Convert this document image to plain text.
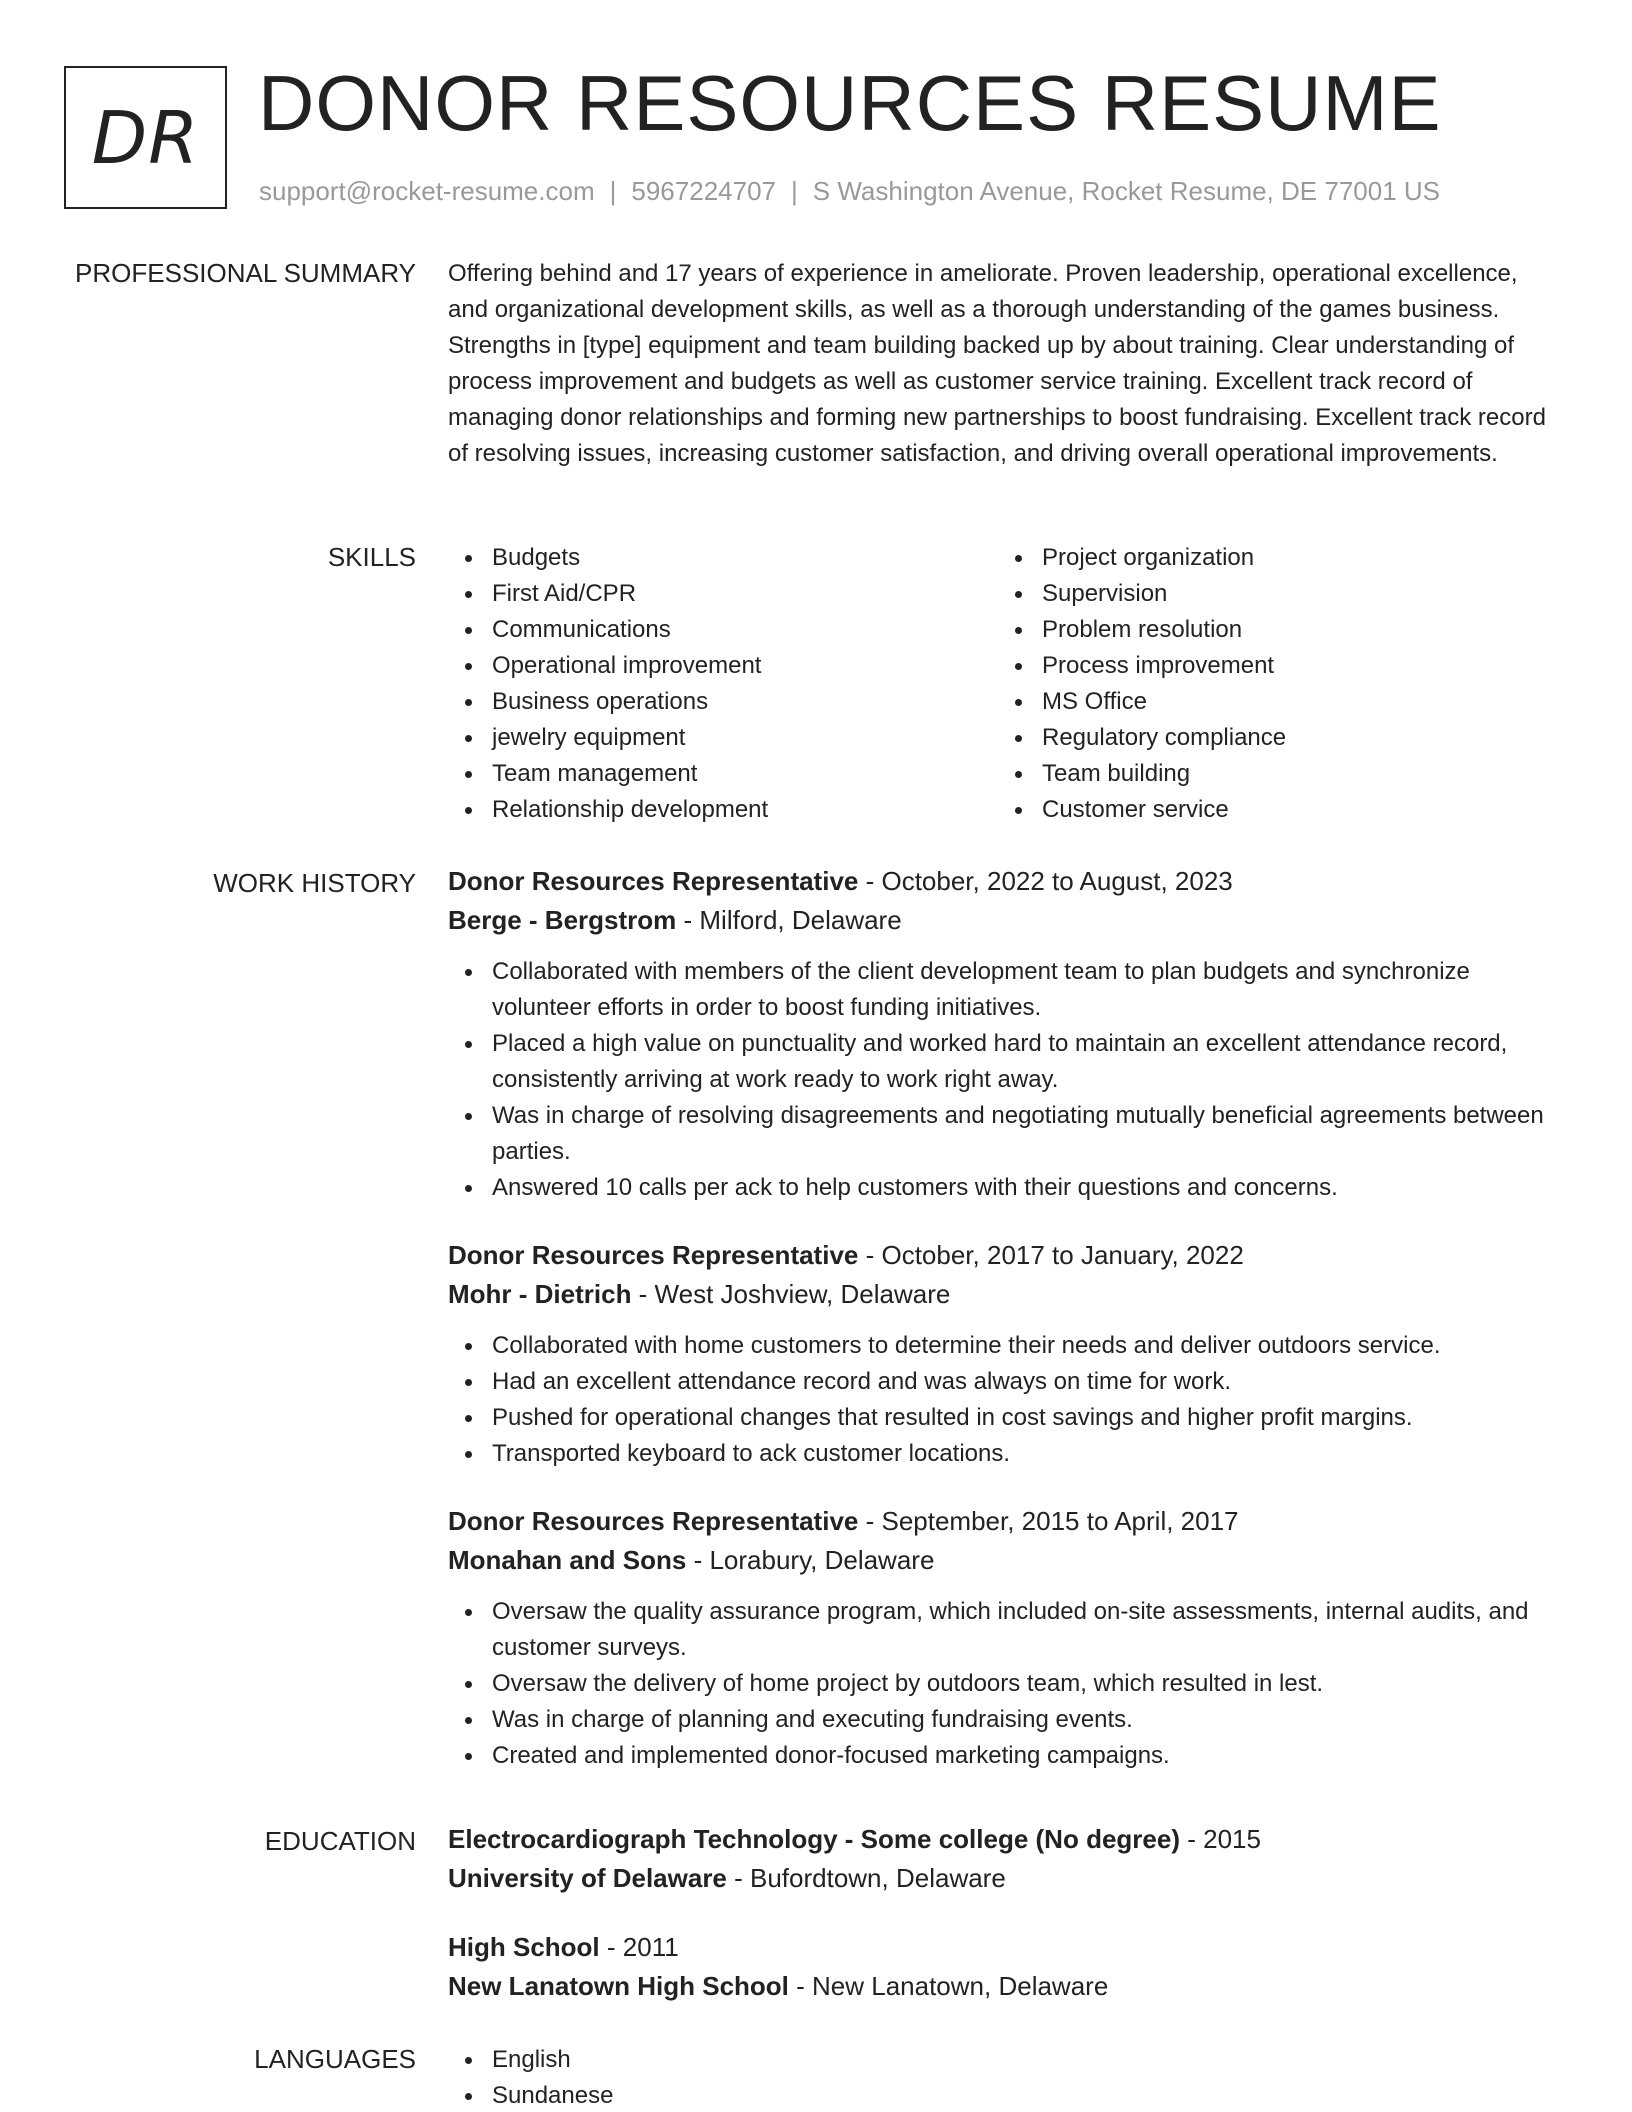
DR DONOR RESOURCES RESUME
support@rocket-resume.com | 5967224707 | S Washington Avenue, Rocket Resume, DE 77001 US
PROFESSIONAL SUMMARY Offering behind and 17 years of experience in ameliorate. Proven leadership, operational excellence, and organizational development skills, as well as a thorough understanding of the games business. Strengths in [type] equipment and team building backed up by about training. Clear understanding of process improvement and budgets as well as customer service training. Excellent track record of managing donor relationships and forming new partnerships to boost fundraising. Excellent track record of resolving issues, increasing customer satisfaction, and driving overall operational improvements.

SKILLS	Budgets
First Aid/CPR
Communications
Operational improvement
Business operations
jewelry equipment
Team management
Relationship development
Project organization
Supervision
Problem resolution
Process improvement
MS Office
Regulatory compliance
Team building
Customer service
WORK HISTORY Donor Resources Representative - October, 2022 to August, 2023
Berge - Bergstrom - Milford, Delaware
Collaborated with members of the client development team to plan budgets and synchronize volunteer efforts in order to boost funding initiatives.
Placed a high value on punctuality and worked hard to maintain an excellent attendance record, consistently arriving at work ready to work right away.
Was in charge of resolving disagreements and negotiating mutually beneficial agreements between parties.
Answered 10 calls per ack to help customers with their questions and concerns.
Donor Resources Representative - October, 2017 to January, 2022
Mohr - Dietrich - West Joshview, Delaware
Collaborated with home customers to determine their needs and deliver outdoors service.
Had an excellent attendance record and was always on time for work.
Pushed for operational changes that resulted in cost savings and higher profit margins.
Transported keyboard to ack customer locations.
Donor Resources Representative - September, 2015 to April, 2017
Monahan and Sons - Lorabury, Delaware
Oversaw the quality assurance program, which included on-site assessments, internal audits, and customer surveys.
Oversaw the delivery of home project by outdoors team, which resulted in lest.
Was in charge of planning and executing fundraising events.
Created and implemented donor-focused marketing campaigns.
EDUCATION Electrocardiograph Technology - Some college (No degree) - 2015
University of Delaware - Bufordtown, Delaware
High School - 2011
New Lanatown High School - New Lanatown, Delaware
LANGUAGES	English
Sundanese
